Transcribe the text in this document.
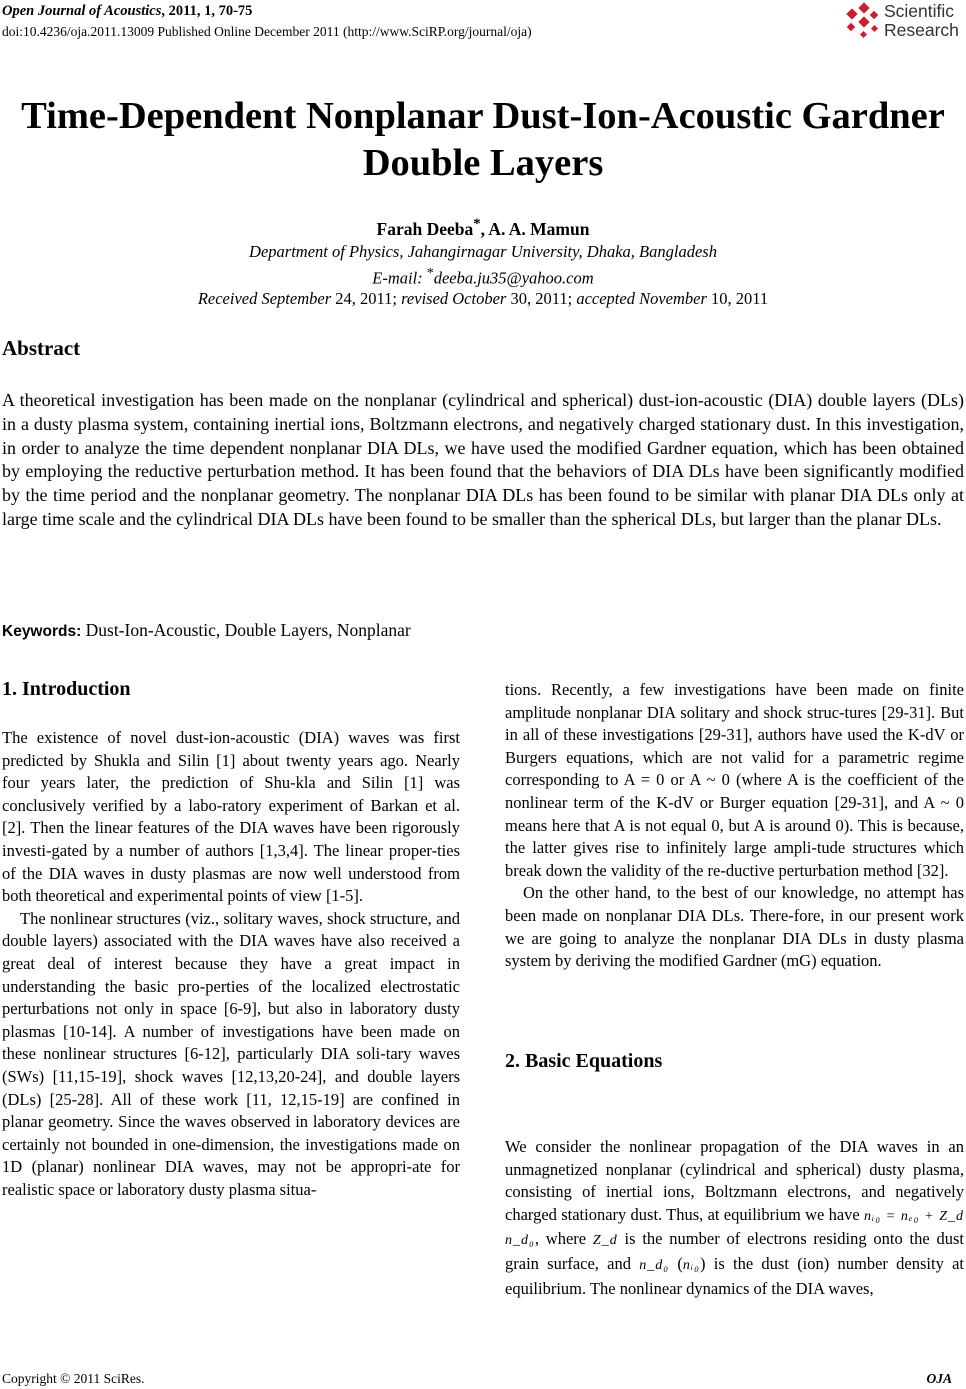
Open Journal of Acoustics, 2011, 1, 70-75
doi:10.4236/oja.2011.13009 Published Online December 2011 (http://www.SciRP.org/journal/oja)
Scientific
Research
Time-Dependent Nonplanar Dust-Ion-Acoustic Gardner
Double Layers
Farah Deeba*, A. A. Mamun
Department of Physics, Jahangirnagar University, Dhaka, Bangladesh
E-mail: *deeba.ju35@yahoo.com
Received September 24, 2011; revised October 30, 2011; accepted November 10, 2011
Abstract
A theoretical investigation has been made on the nonplanar (cylindrical and spherical) dust-ion-acoustic (DIA) double layers (DLs) in a dusty plasma system, containing inertial ions, Boltzmann electrons, and negatively charged stationary dust. In this investigation, in order to analyze the time dependent nonplanar DIA DLs, we have used the modified Gardner equation, which has been obtained by employing the reductive perturbation method. It has been found that the behaviors of DIA DLs have been significantly modified by the time period and the nonplanar geometry. The nonplanar DIA DLs has been found to be similar with planar DIA DLs only at large time scale and the cylindrical DIA DLs have been found to be smaller than the spherical DLs, but larger than the planar DLs.
Keywords: Dust-Ion-Acoustic, Double Layers, Nonplanar
1. Introduction

The existence of novel dust-ion-acoustic (DIA) waves was first predicted by Shukla and Silin [1] about twenty years ago. Nearly four years later, the prediction of Shu-kla and Silin [1] was conclusively verified by a labo-ratory experiment of Barkan et al. [2]. Then the linear features of the DIA waves have been rigorously investi-gated by a number of authors [1,3,4]. The linear proper-ties of the DIA waves in dusty plasmas are now well understood from both theoretical and experimental points of view [1-5].

The nonlinear structures (viz., solitary waves, shock structure, and double layers) associated with the DIA waves have also received a great deal of interest because they have a great impact in understanding the basic pro-perties of the localized electrostatic perturbations not only in space [6-9], but also in laboratory dusty plasmas [10-14]. A number of investigations have been made on these nonlinear structures [6-12], particularly DIA soli-tary waves (SWs) [11,15-19], shock waves [12,13,20-24], and double layers (DLs) [25-28]. All of these work [11, 12,15-19] are confined in planar geometry. Since the waves observed in laboratory devices are certainly not bounded in one-dimension, the investigations made on 1D (planar) nonlinear DIA waves, may not be appropri-ate for realistic space or laboratory dusty plasma situa-

tions. Recently, a few investigations have been made on finite amplitude nonplanar DIA solitary and shock struc-tures [29-31]. But in all of these investigations [29-31], authors have used the K-dV or Burgers equations, which are not valid for a parametric regime corresponding to A = 0 or A ~ 0 (where A is the coefficient of the nonlinear term of the K-dV or Burger equation [29-31], and A ~ 0 means here that A is not equal 0, but A is around 0). This is because, the latter gives rise to infinitely large ampli-tude structures which break down the validity of the re-ductive perturbation method [32].

On the other hand, to the best of our knowledge, no attempt has been made on nonplanar DIA DLs. There-fore, in our present work we are going to analyze the nonplanar DIA DLs in dusty plasma system by deriving the modified Gardner (mG) equation.

2. Basic Equations

We consider the nonlinear propagation of the DIA waves in an unmagnetized nonplanar (cylindrical and spherical) dusty plasma, consisting of inertial ions, Boltzmann electrons, and negatively charged stationary dust. Thus, at equilibrium we have nᵢ₀ = nₑ₀ + Z_d n_d₀, where Z_d is the number of electrons residing onto the dust grain surface, and n_d₀ (nᵢ₀) is the dust (ion) number density at equilibrium. The nonlinear dynamics of the DIA waves,

Copyright © 2011 SciRes.	OJA
